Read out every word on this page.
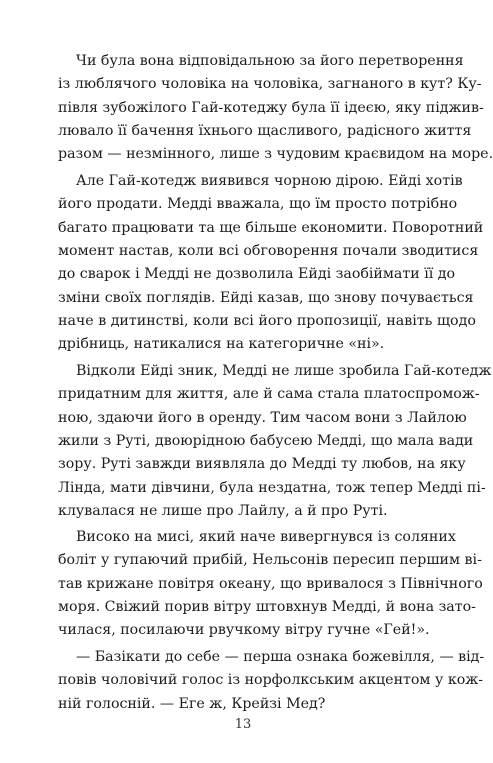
Чи була вона відповідальною за його перетворення
із люблячого чоловіка на чоловіка, загнаного в кут? Ку-
півля зубожілого Гай-котеджу була її ідеєю, яку піджив-
лювало її бачення їхнього щасливого, радісного життя
разом — незмінного, лише з чудовим краєвидом на море.
Але Гай-котедж виявився чорною дірою. Ейді хотів
його продати. Медді вважала, що їм просто потрібно
багато працювати та ще більше економити. Поворотний
момент настав, коли всі обговорення почали зводитися
до сварок і Медді не дозволила Ейді заобіймати її до
зміни своїх поглядів. Ейді казав, що знову почувається
наче в дитинстві, коли всі його пропозиції, навіть щодо
дрібниць, натикалися на категоричне «ні».
Відколи Ейді зник, Медді не лише зробила Гай-котедж
придатним для життя, але й сама стала платоспромож-
ною, здаючи його в оренду. Тим часом вони з Лайлою
жили з Руті, двоюрідною бабусею Медді, що мала вади
зору. Руті завжди виявляла до Медді ту любов, на яку
Лінда, мати дівчини, була нездатна, тож тепер Медді пі-
клувалася не лише про Лайлу, а й про Руті.
Високо на мисі, який наче вивергнувся із соляних
боліт у гупаючий прибій, Нельсонів пересип першим ві-
тав крижане повітря океану, що вривалося з Північного
моря. Свіжий порив вітру штовхнув Медді, й вона зато-
чилася, посилаючи рвучкому вітру гучне «Гей!».
— Базікати до себе — перша ознака божевілля, — від-
повів чоловічий голос із норфолкським акцентом у кож-
ній голосній. — Еге ж, Крейзі Мед?
13
